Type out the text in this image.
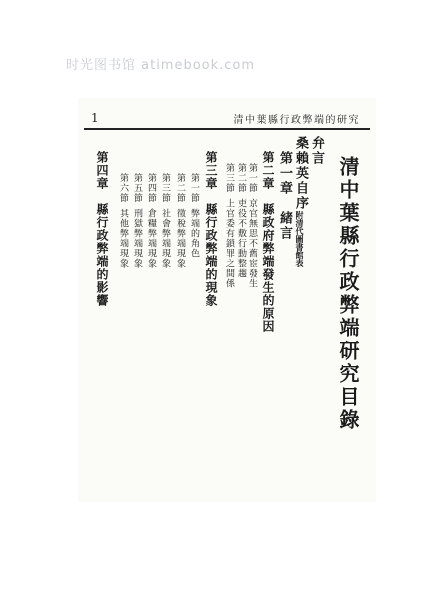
时光图书馆 atimebook.com
1	清中葉縣行政弊端的研究
清中葉縣行政弊端研究目錄
弁言
桑賴英自序附清代圖書館表
第一章　緒言
第二章　縣政府弊端發生的原因
第一節 京官無思不舊宦發生
第二節 吏役不敷行動整趨
第三節 上官委有鎖罪之間係
第三章　縣行政弊端的現象
第一節 弊端的角色
第二節 徵稅弊端現象
第三節 社會弊端現象
第四節 倉糧弊端現象
第五節 刑獄弊端現象
第六節 其他弊端現象
第四章　縣行政弊端的影響
